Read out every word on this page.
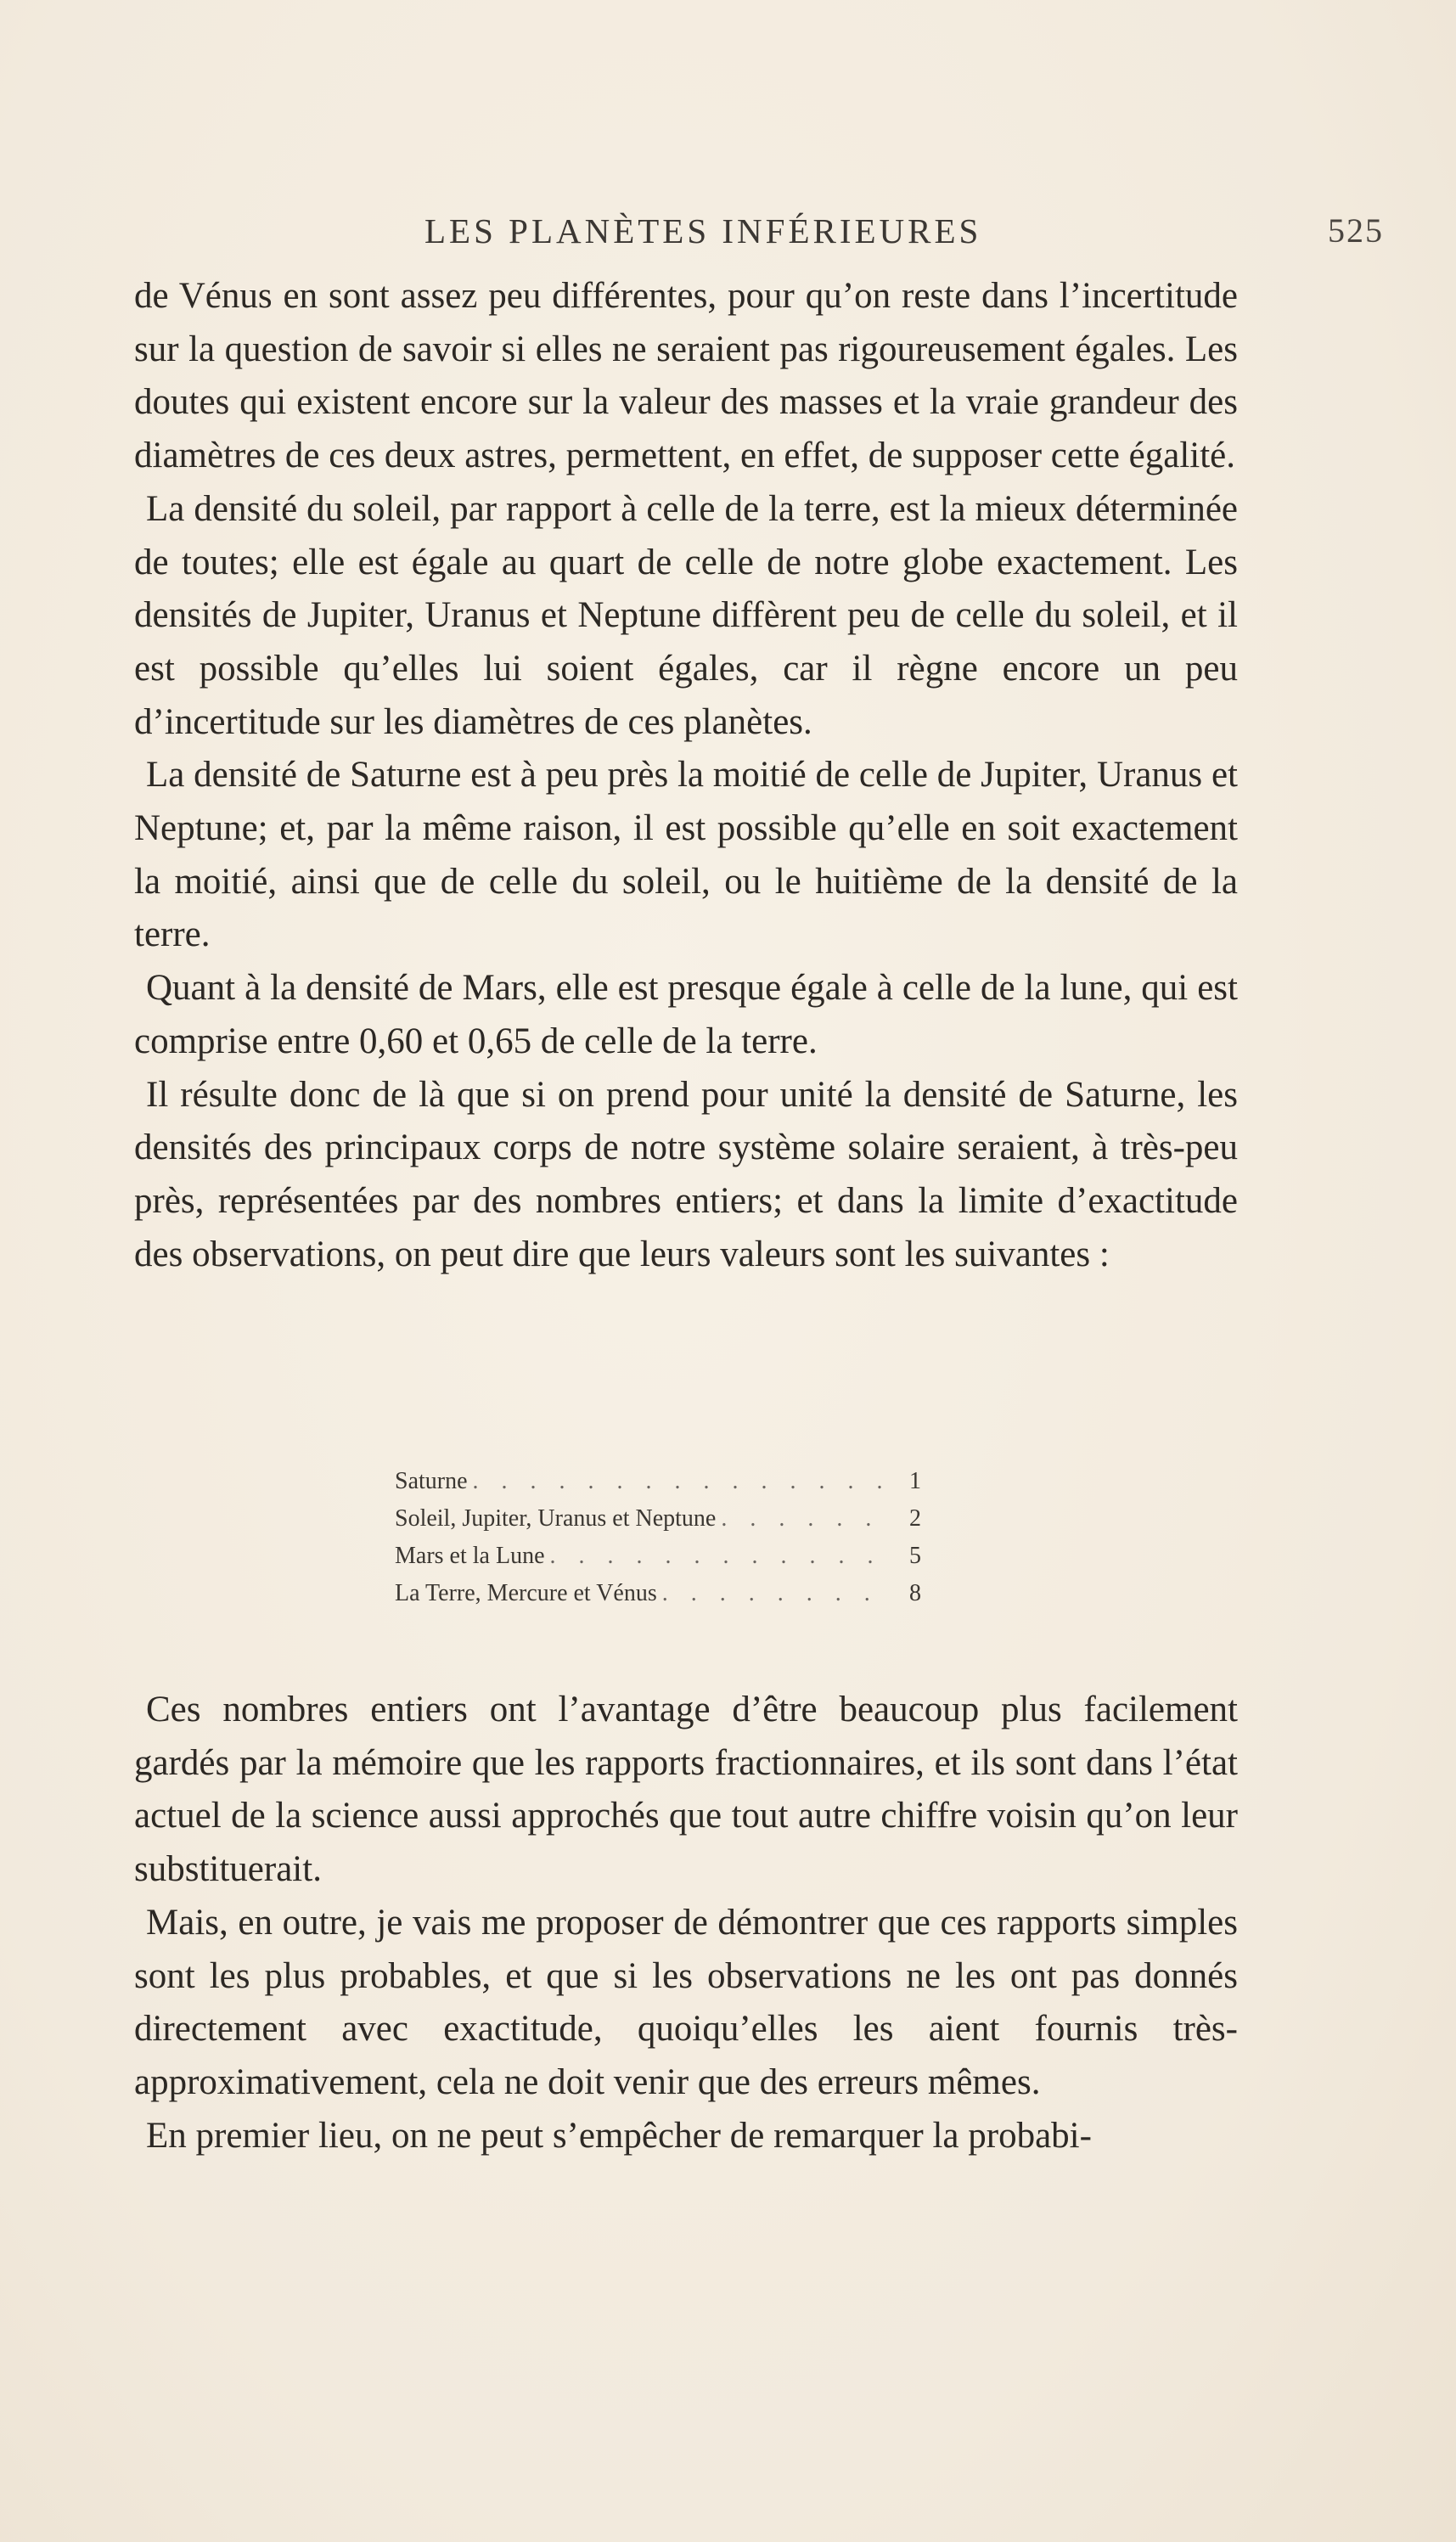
LES PLANÈTES INFÉRIEURES	525

de Vénus en sont assez peu différentes, pour qu’on reste dans l’incertitude sur la question de savoir si elles ne seraient pas rigoureusement égales. Les doutes qui existent encore sur la valeur des masses et la vraie grandeur des diamètres de ces deux astres, permettent, en effet, de supposer cette égalité.

La densité du soleil, par rapport à celle de la terre, est la mieux déterminée de toutes; elle est égale au quart de celle de notre globe exactement. Les densités de Jupiter, Uranus et Neptune diffèrent peu de celle du soleil, et il est possible qu’elles lui soient égales, car il règne encore un peu d’incertitude sur les diamètres de ces planètes.

La densité de Saturne est à peu près la moitié de celle de Jupiter, Uranus et Neptune; et, par la même raison, il est possible qu’elle en soit exactement la moitié, ainsi que de celle du soleil, ou le huitième de la densité de la terre.

Quant à la densité de Mars, elle est presque égale à celle de la lune, qui est comprise entre 0,60 et 0,65 de celle de la terre.

Il résulte donc de là que si on prend pour unité la densité de Saturne, les densités des principaux corps de notre système solaire seraient, à très-peu près, représentées par des nombres entiers; et dans la limite d’exactitude des observations, on peut dire que leurs valeurs sont les suivantes :

Saturne . . .	1
Soleil, Jupiter, Uranus et Neptune . . .	2
Mars et la Lune . . .	5
La Terre, Mercure et Vénus . . .	8

Ces nombres entiers ont l’avantage d’être beaucoup plus facilement gardés par la mémoire que les rapports fractionnaires, et ils sont dans l’état actuel de la science aussi approchés que tout autre chiffre voisin qu’on leur substituerait.

Mais, en outre, je vais me proposer de démontrer que ces rapports simples sont les plus probables, et que si les observations ne les ont pas donnés directement avec exactitude, quoiqu’elles les aient fournis très-approximativement, cela ne doit venir que des erreurs mêmes.

En premier lieu, on ne peut s’empêcher de remarquer la probabi-
